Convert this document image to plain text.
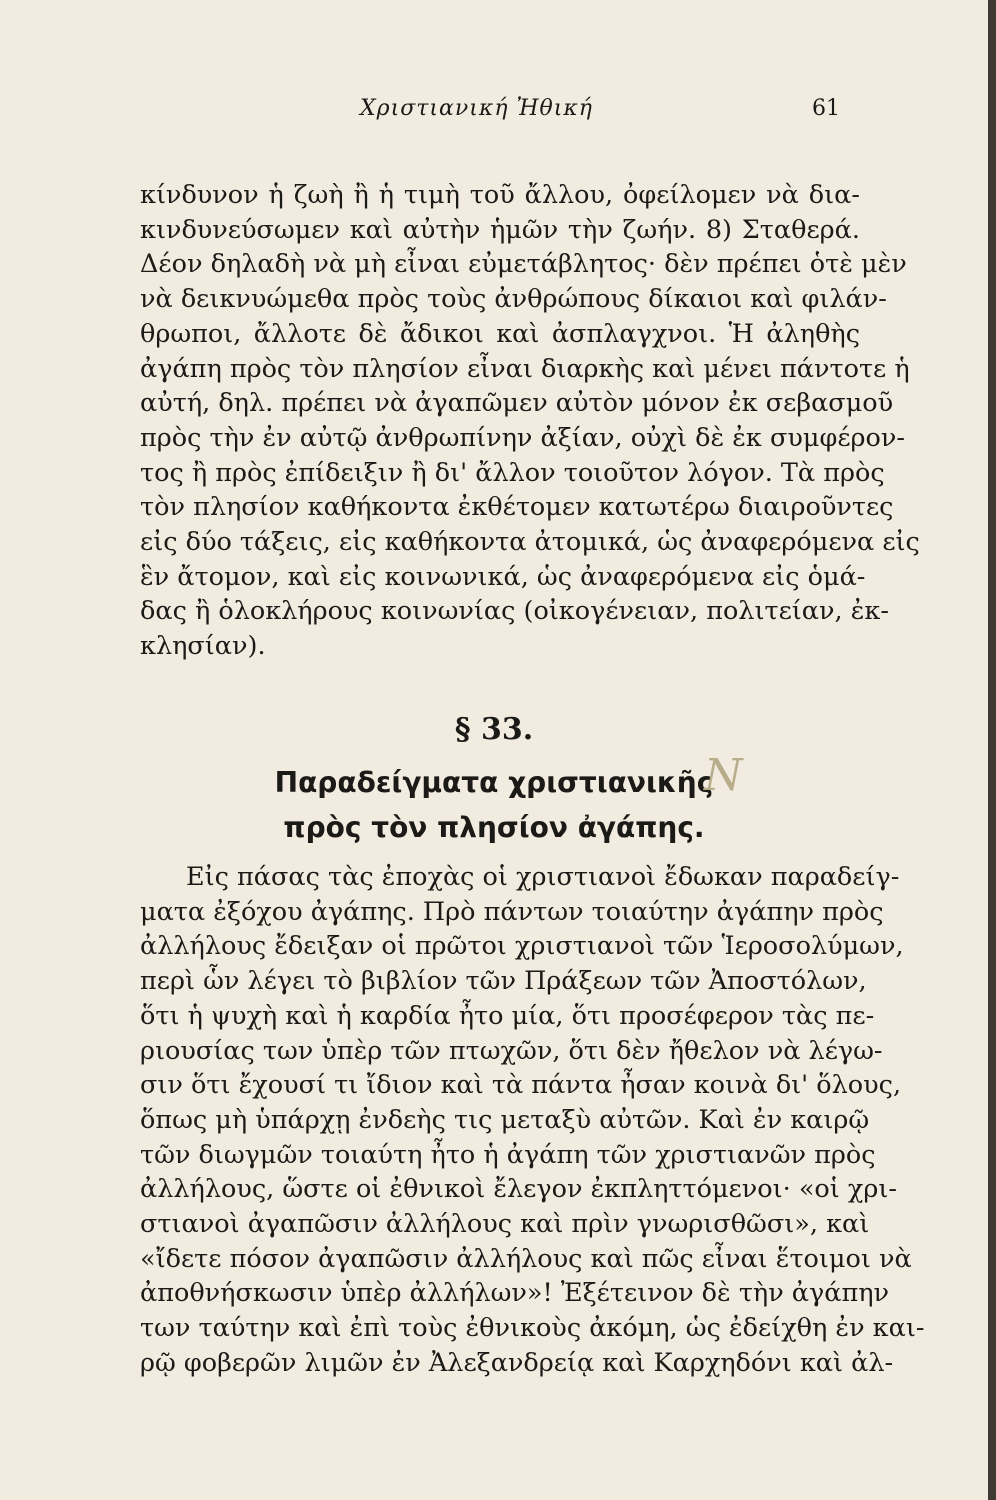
Χριστιανική Ἠθική	61
κίνδυνον ἡ ζωὴ ἢ ἡ τιμὴ τοῦ ἄλλου, ὀφείλομεν νὰ δια-
κινδυνεύσωμεν καὶ αὐτὴν ἡμῶν τὴν ζωήν. 8) Σταθερά.
Δέον δηλαδὴ νὰ μὴ εἶναι εὐμετάβλητος· δὲν πρέπει ὁτὲ μὲν
νὰ δεικνυώμεθα πρὸς τοὺς ἀνθρώπους δίκαιοι καὶ φιλάν-
θρωποι, ἄλλοτε δὲ ἄδικοι καὶ ἀσπλαγχνοι. Ἡ ἀληθὴς
ἀγάπη πρὸς τὸν πλησίον εἶναι διαρκὴς καὶ μένει πάντοτε ἡ
αὐτή, δηλ. πρέπει νὰ ἀγαπῶμεν αὐτὸν μόνον ἐκ σεβασμοῦ
πρὸς τὴν ἐν αὐτῷ ἀνθρωπίνην ἀξίαν, οὐχὶ δὲ ἐκ συμφέρον-
τος ἢ πρὸς ἐπίδειξιν ἢ δι' ἄλλον τοιοῦτον λόγον. Τὰ πρὸς
τὸν πλησίον καθήκοντα ἐκθέτομεν κατωτέρω διαιροῦντες
εἰς δύο τάξεις, εἰς καθήκοντα ἀτομικά, ὡς ἀναφερόμενα εἰς
ἓν ἄτομον, καὶ εἰς κοινωνικά, ὡς ἀναφερόμενα εἰς ὁμά-
δας ἢ ὁλοκλήρους κοινωνίας (οἰκογένειαν, πολιτείαν, ἐκ-
κλησίαν).
§ 33.
Παραδείγματα χριστιανικῆς
πρὸς τὸν πλησίον ἀγάπης.
N
Εἰς πάσας τὰς ἐποχὰς οἱ χριστιανοὶ ἔδωκαν παραδείγ-
ματα ἐξόχου ἀγάπης. Πρὸ πάντων τοιαύτην ἀγάπην πρὸς
ἀλλήλους ἔδειξαν οἱ πρῶτοι χριστιανοὶ τῶν Ἱεροσολύμων,
περὶ ὧν λέγει τὸ βιβλίον τῶν Πράξεων τῶν Ἀποστόλων,
ὅτι ἡ ψυχὴ καὶ ἡ καρδία ἦτο μία, ὅτι προσέφερον τὰς πε-
ριουσίας των ὑπὲρ τῶν πτωχῶν, ὅτι δὲν ἤθελον νὰ λέγω-
σιν ὅτι ἔχουσί τι ἴδιον καὶ τὰ πάντα ἦσαν κοινὰ δι' ὅλους,
ὅπως μὴ ὑπάρχῃ ἐνδεὴς τις μεταξὺ αὐτῶν. Καὶ ἐν καιρῷ
τῶν διωγμῶν τοιαύτη ἦτο ἡ ἀγάπη τῶν χριστιανῶν πρὸς
ἀλλήλους, ὥστε οἱ ἐθνικοὶ ἔλεγον ἐκπληττόμενοι· «οἱ χρι-
στιανοὶ ἀγαπῶσιν ἀλλήλους καὶ πρὶν γνωρισθῶσι», καὶ
«ἴδετε πόσον ἀγαπῶσιν ἀλλήλους καὶ πῶς εἶναι ἕτοιμοι νὰ
ἀποθνήσκωσιν ὑπὲρ ἀλλήλων»! Ἐξέτεινον δὲ τὴν ἀγάπην
των ταύτην καὶ ἐπὶ τοὺς ἐθνικοὺς ἀκόμη, ὡς ἐδείχθη ἐν και-
ρῷ φοβερῶν λιμῶν ἐν Ἀλεξανδρείᾳ καὶ Καρχηδόνι καὶ ἀλ-
